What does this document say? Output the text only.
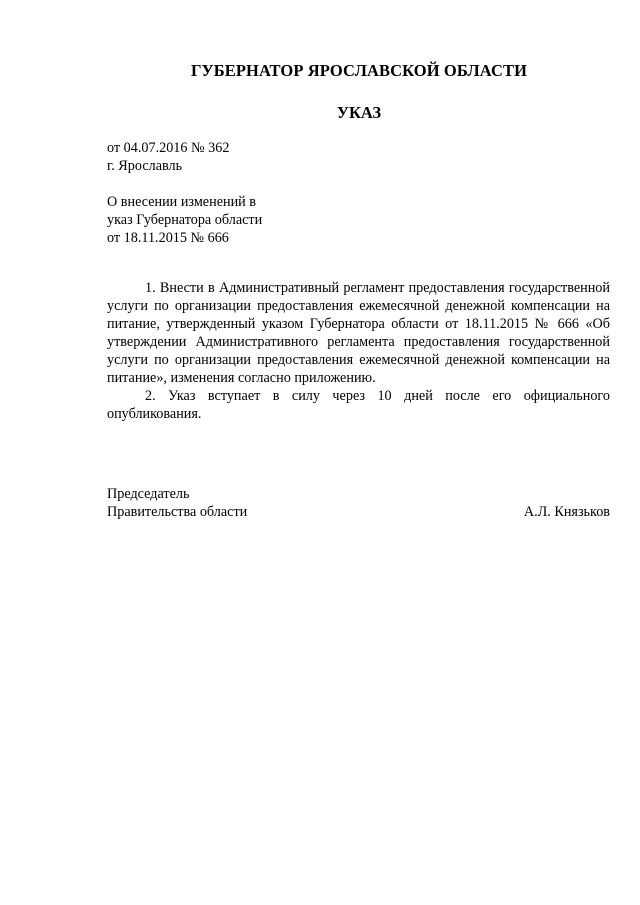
ГУБЕРНАТОР ЯРОСЛАВСКОЙ ОБЛАСТИ
УКАЗ
от 04.07.2016 № 362
г. Ярославль
О внесении изменений в
указ Губернатора области
от 18.11.2015 № 666

1. Внести в Административный регламент предоставления государственной услуги по организации предоставления ежемесячной денежной компенсации на питание, утвержденный указом Губернатора области от 18.11.2015 № 666 «Об утверждении Административного регламента предоставления государственной услуги по организации предоставления ежемесячной денежной компенсации на питание», изменения согласно приложению.

2. Указ вступает в силу через 10 дней после его официального опубликования.

Председатель
Правительства области	А.Л. Князьков
